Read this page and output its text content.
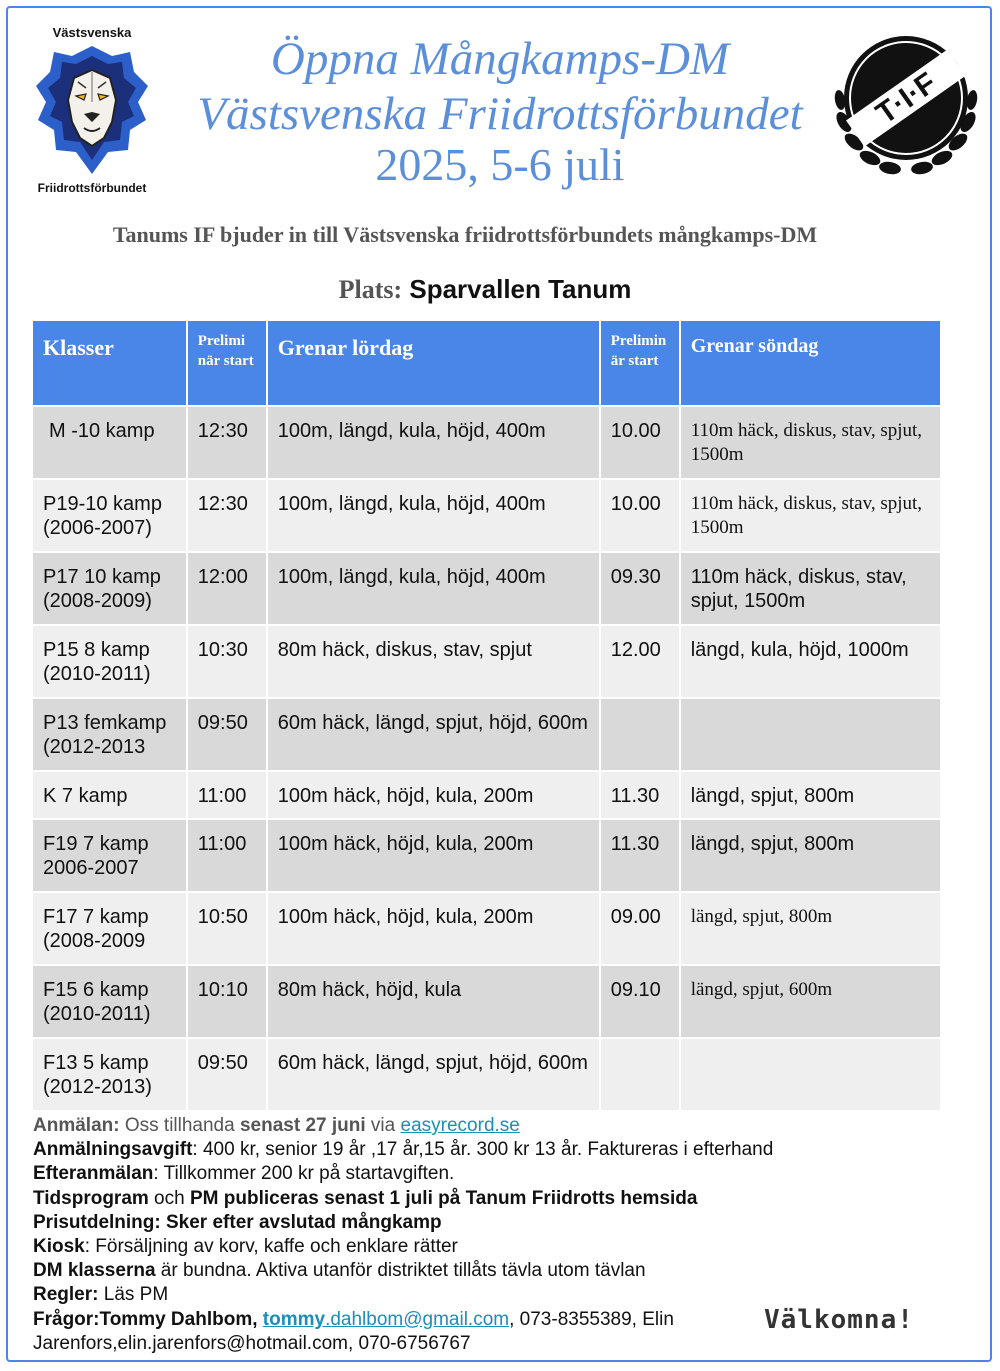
Västsvenska
Friidrottsförbundet
Öppna Mångkamps-DM
Västsvenska Friidrottsförbundet
2025, 5-6 juli
T·I·F
Tanums IF bjuder in till Västsvenska friidrottsförbundets mångkamps-DM
Plats: Sparvallen Tanum
Klasser	Prelimi när start	Grenar lördag	Prelimin är start	Grenar söndag
M -10 kamp	12:30	100m, längd, kula, höjd, 400m	10.00	110m häck, diskus, stav, spjut, 1500m
P19-10 kamp (2006-2007)	12:30	100m, längd, kula, höjd, 400m	10.00	110m häck, diskus, stav, spjut, 1500m
P17 10 kamp (2008-2009)	12:00	100m, längd, kula, höjd, 400m	09.30	110m häck, diskus, stav, spjut, 1500m
P15 8 kamp (2010-2011)	10:30	80m häck, diskus, stav, spjut	12.00	längd, kula, höjd, 1000m
P13 femkamp (2012-2013	09:50	60m häck, längd, spjut, höjd, 600m		
K 7 kamp	11:00	100m häck, höjd, kula, 200m	11.30	längd, spjut, 800m
F19 7 kamp 2006-2007	11:00	100m häck, höjd, kula, 200m	11.30	längd, spjut, 800m
F17 7 kamp (2008-2009	10:50	100m häck, höjd, kula, 200m	09.00	längd, spjut, 800m
F15 6 kamp (2010-2011)	10:10	80m häck, höjd, kula	09.10	längd, spjut, 600m
F13 5 kamp (2012-2013)	09:50	60m häck, längd, spjut, höjd, 600m		
Anmälan: Oss tillhanda senast 27 juni via easyrecord.se
Anmälningsavgift: 400 kr, senior 19 år ,17 år,15 år. 300 kr 13 år. Faktureras i efterhand
Efteranmälan: Tillkommer 200 kr på startavgiften.
Tidsprogram och PM publiceras senast 1 juli på Tanum Friidrotts hemsida
Prisutdelning: Sker efter avslutad mångkamp
Kiosk: Försäljning av korv, kaffe och enklare rätter
DM klasserna är bundna. Aktiva utanför distriktet tillåts tävla utom tävlan
Regler: Läs PM
Frågor:Tommy Dahlbom, tommy.dahlbom@gmail.com, 073-8355389, Elin
Jarenfors,elin.jarenfors@hotmail.com, 070-6756767
Välkomna!
